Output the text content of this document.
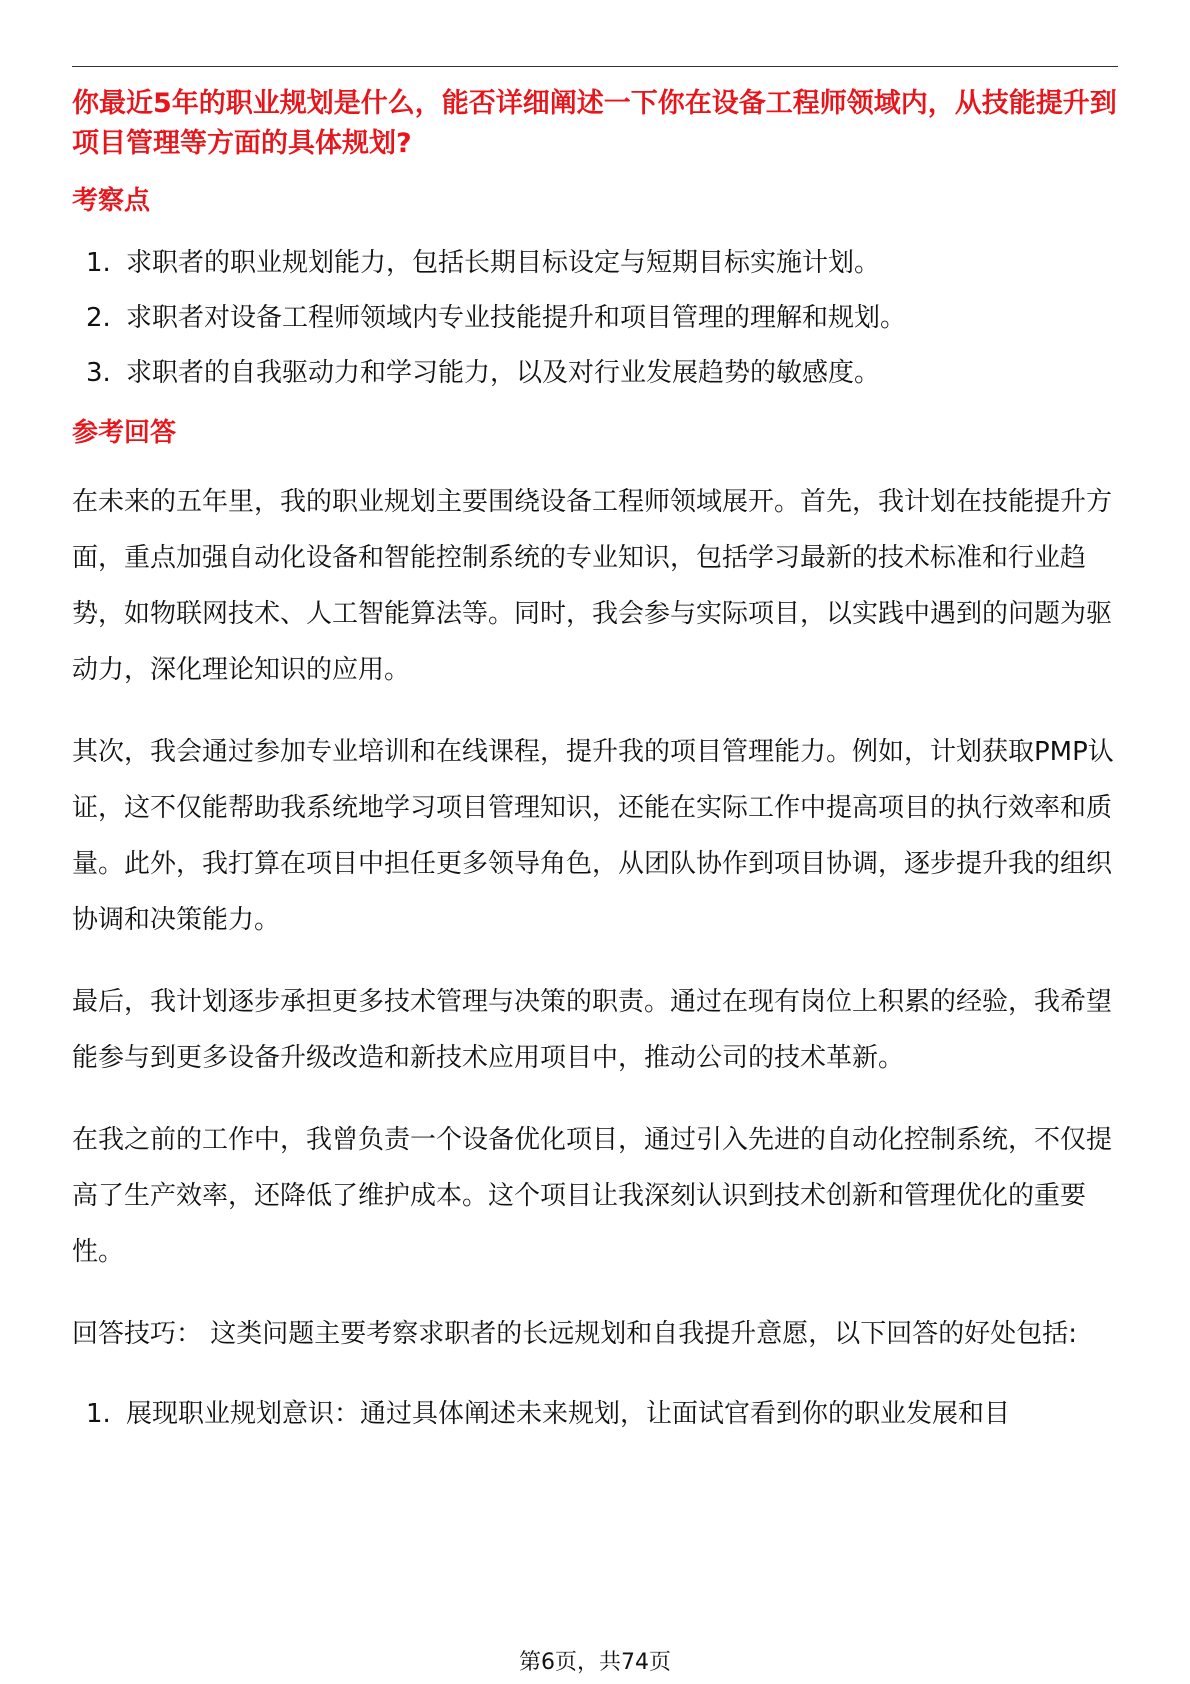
你最近5年的职业规划是什么，能否详细阐述一下你在设备工程师领域内，从技能提升到项目管理等方面的具体规划?

考察点

1. 求职者的职业规划能力，包括长期目标设定与短期目标实施计划。
2. 求职者对设备工程师领域内专业技能提升和项目管理的理解和规划。
3. 求职者的自我驱动力和学习能力，以及对行业发展趋势的敏感度。

参考回答

在未来的五年里，我的职业规划主要围绕设备工程师领域展开。首先，我计划在技能提升方面，重点加强自动化设备和智能控制系统的专业知识，包括学习最新的技术标准和行业趋势，如物联网技术、人工智能算法等。同时，我会参与实际项目，以实践中遇到的问题为驱动力，深化理论知识的应用。

其次，我会通过参加专业培训和在线课程，提升我的项目管理能力。例如，计划获取PMP认证，这不仅能帮助我系统地学习项目管理知识，还能在实际工作中提高项目的执行效率和质量。此外，我打算在项目中担任更多领导角色，从团队协作到项目协调，逐步提升我的组织协调和决策能力。

最后，我计划逐步承担更多技术管理与决策的职责。通过在现有岗位上积累的经验，我希望能参与到更多设备升级改造和新技术应用项目中，推动公司的技术革新。

在我之前的工作中，我曾负责一个设备优化项目，通过引入先进的自动化控制系统，不仅提高了生产效率，还降低了维护成本。这个项目让我深刻认识到技术创新和管理优化的重要性。

回答技巧： 这类问题主要考察求职者的长远规划和自我提升意愿，以下回答的好处包括:

1. 展现职业规划意识：通过具体阐述未来规划，让面试官看到你的职业发展和目
第6页，共74页
